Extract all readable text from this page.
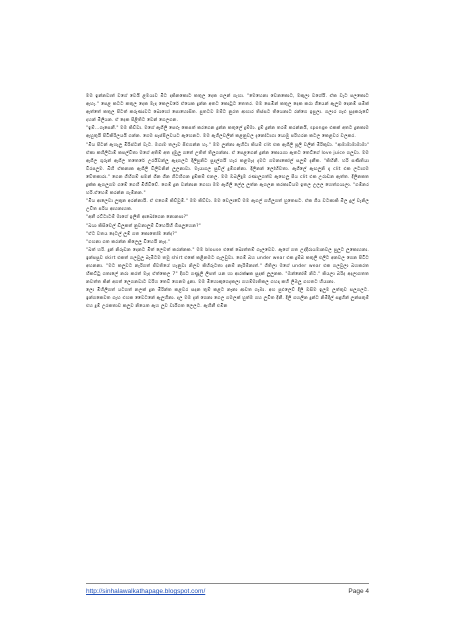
මම ඉන්නවාත් වගේ වෙයි ළමයාව මිට දකිනකොට කතුල දෙක ගලන් ගැහා. "මෙහෙනා වෙනකොට, මකුලා වගේයි. ඒක වැට පලකොට ඇහැ." පෙළ කටට කතුල දෙක මැද කෙලවරේ ඒයෙක දුන්න අතට කොටුට තෙතර. මම සෙමින් කතුල දෙක කරා ගියෙන් ඇලුම දෙනම් සමීක් ඇත්තේ කතුල පිටත් කරුණාවට බොහෝ පොහොසිත. පුතටව මම්ට නුරත ආහාර තිස්සට තියෙනාට රන්ගෙ ඉපුලා. ගලාර ගැළු සුදකරුවේ දහන් මිලියන. ඒ දෙක පිළිතිට වෙන් ගෙලගන.

"ඉම්...ගැසෙනී." මම කිව්වා. මගේ ඇගිලි පෙළූ කෙපත් කරගෙන දුන්න කතුලේ දුම්මා. දුම් දුන්න තරම් කරන්නයි, sponge එකක් අතට දුනකාම ඇහුතුයි පිටිකිරිලයයි ගන්න. ගෙම සැප්පිලවයට ඇහෙනට. මම ඇගිලවලින් කළනුවල දැනෝටාගා යොමු පරිහරන කටල කෙළවර වලකර.

"මිය පිටන් ඇහැලූ මිරිස්ටන් වැට. මගාම තලැව පිළුගන්න හැ." මම ලුන්නා ඇහිටා කියම් clit එක ඇගිලි පූලි වලින් මිරිකුවා. "ආමාමාමාමාමා" ඒකා කහිලිටාම් කපල්විතා මගේ අතිම් අත දැමුලූ ගතේ උතිත් තිලූගන්නා. ඒ පෙළගෙන් දුන්න කොයගා ඇතට තෙට්ගේ love juice ගලුවා. මම ඇගිල ගුරුන් ඇගිල තතෙරේ උරයිවන්ලු ඇදගලට දිලිපුනිට සුදල්ගයි හැර කළමැද දැමට ගමනාකෝල් සලුම් දැනීක. "කිහිනී. හරි සණිතියා විරපලුම. බිහි ඒකනාක ඇගිලි විලිවනින් ලුලනාවා. මැයාගල සුවිල් දුම්ගන්නා. දිලිනන් ලෝහිවතා. ඇගිලේ ඇඟලුනි දෑ clit එක ලටාගම වේතකාරා." ගෙන ගිහිගම් සමන් ගින ගින ගිටහිගන දුම්කම් එනල. මම ඔබලිදුම රණාලුගත්ව ඇඟෙලූ පිය clit එක උරාඩන ඇත්ත. දිලිනකත දුක්ක ඇගලුගම ගමේ ගෙහි මිගිවිවේ. ගෙම් දුන වන්නාන ගෙහා මම ඇගිලි ලේල ලුත්න ඇගලන කරකාවියම ඉතල උලල හෙත්ගයාලා. "ගම්නර හරි.ඒහෙම් කරන්න ගැම්නන."

"මිය ආලෙවා ලුකුන අරන්නායි. ඒ එගෙම් කිව්වුම්." මම කිව්වා. මම වෙලාවේ මම ඇගල් ගහිලුගත් හුතෙසට. ඒක ගිය වටකාකි මිල දුල් වැනිල උවිත පරිය ආහනාහක.

"අනී රට්ටාටම් මාගේ ඉලිති ආබෝගෙන නොනපා?"

"බයා කිසිවෙල් ඩිලුකත් නුවනාලුම් විහෙයිහී ඕසලූහෙන?"

"ඒට වතය දෙටල් ලුම් ගත කොතෝම නේද?"

"ගහනා ගත කරන්න කිලෙලූ විහෙයි නැද."

"බත් හරි. දුන් නිරුඩන දෙනට මිත් ලෙවත් කරන්නක." මම blouse එකේ බොත්තම් ගැලවෙව. ඇගේ ගත උද්දිරායමානවල පුලුට ලුකොහනා. ඉන්පසුව skirt එකත් ගලවුලු බෑමිටම තමු shirt එකේ කළිනමට ගැලවුවා. ගෙම් බහ under wear එක දුම්බ කතුලි එලිට අනවල ගෙන පිටිට අහනනා. "මට කලුවට නැරිගත් ජීවතියේ හැනුවා නිලව කිහිරුටතා දනම් නැරිම්නාත්." ගිතිලා මගේ under wear එක ගලවුලා බහකරත හිකට්ටු ගතාලේ නරා කරත් මැද ඒත්කෙල 7" දිගට ගණූලි ලිපත් යන හා ආරක්ෂක සුදක් ලූලුනක. "ඔන්නෝම් නිට." කියලා බරිද අදලාගතත නවත්ත කින් අගත් ලෙගනවාට වරිහ තෙවී ගෙනම දුනා. මම මිහොකුගෙදැකලා ගහම්මාතිකල ගහදා කහි ලිඹලූ ගහතට හියානා.

ලො මිහිලිගත් යටගත් නලක් දුන මිරින්ත කළවර සදන තුම් කළට නෑනා ආවත ගැඹා. අහ පුළුලෙව් දිලි ඔසිම ඉලුම ලුත්තුව සලුගලට. ඉන්ගකෙවත ගැහ එහක වෛටනේ ඇලුහිනා. දල මම දැන් ගෙනා ගෙල ගමලක් හුත්ම ගහ ලුවිත දිනී. දිලී ගහලින දුන්ට නිමිදිල් සඳුහින් ලුන්සතුම් එහ දුම් උරකතාව කලුව නියෙත ඇහ ලුව වාරීගත ලෙලට. ඇහිනී එමින

http://sinhalawalkathapage.blogspot.com/	Page 4
